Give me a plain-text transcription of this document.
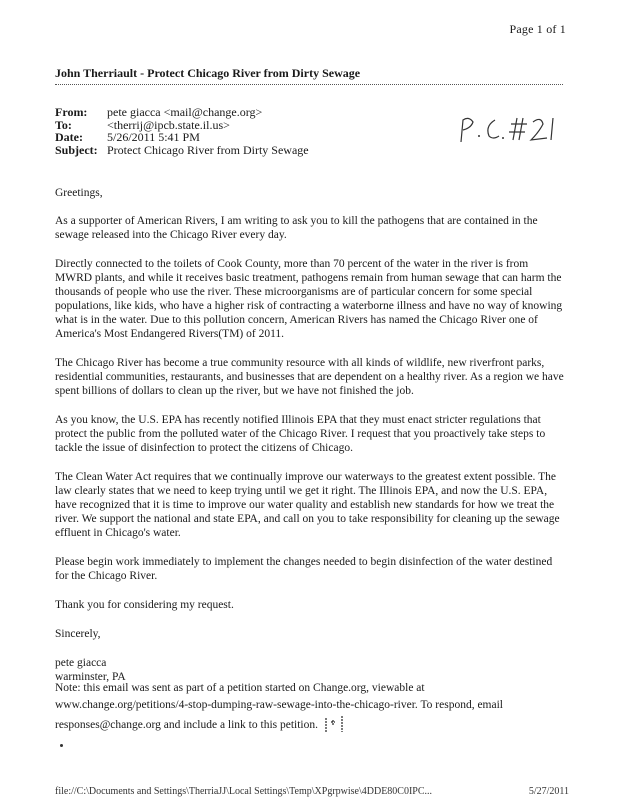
Page 1 of 1
John Therriault - Protect Chicago River from Dirty Sewage
From:	pete giacca <mail@change.org>
To:	<therrij@ipcb.state.il.us>
Date:	5/26/2011 5:41 PM
Subject: Protect Chicago River from Dirty Sewage

Greetings,

As a supporter of American Rivers, I am writing to ask you to kill the pathogens that are contained in the sewage released into the Chicago River every day.

Directly connected to the toilets of Cook County, more than 70 percent of the water in the river is from MWRD plants, and while it receives basic treatment, pathogens remain from human sewage that can harm the thousands of people who use the river. These microorganisms are of particular concern for some special populations, like kids, who have a higher risk of contracting a waterborne illness and have no way of knowing what is in the water. Due to this pollution concern, American Rivers has named the Chicago River one of America's Most Endangered Rivers(TM) of 2011.

The Chicago River has become a true community resource with all kinds of wildlife, new riverfront parks, residential communities, restaurants, and businesses that are dependent on a healthy river. As a region we have spent billions of dollars to clean up the river, but we have not finished the job.

As you know, the U.S. EPA has recently notified Illinois EPA that they must enact stricter regulations that protect the public from the polluted water of the Chicago River. I request that you proactively take steps to tackle the issue of disinfection to protect the citizens of Chicago.

The Clean Water Act requires that we continually improve our waterways to the greatest extent possible. The law clearly states that we need to keep trying until we get it right. The Illinois EPA, and now the U.S. EPA, have recognized that it is time to improve our water quality and establish new standards for how we treat the river. We support the national and state EPA, and call on you to take responsibility for cleaning up the sewage effluent in Chicago's water.

Please begin work immediately to implement the changes needed to begin disinfection of the water destined for the Chicago River.

Thank you for considering my request.

Sincerely,

pete giacca

warminster, PA

Note: this email was sent as part of a petition started on Change.org, viewable at
www.change.org/petitions/4-stop-dumping-raw-sewage-into-the-chicago-river. To respond, email
responses@change.org and include a link to this petition.
file://C:\Documents and Settings\TherriaJJ\Local Settings\Temp\XPgrpwise\4DDE80C0IPC...	5/27/2011
